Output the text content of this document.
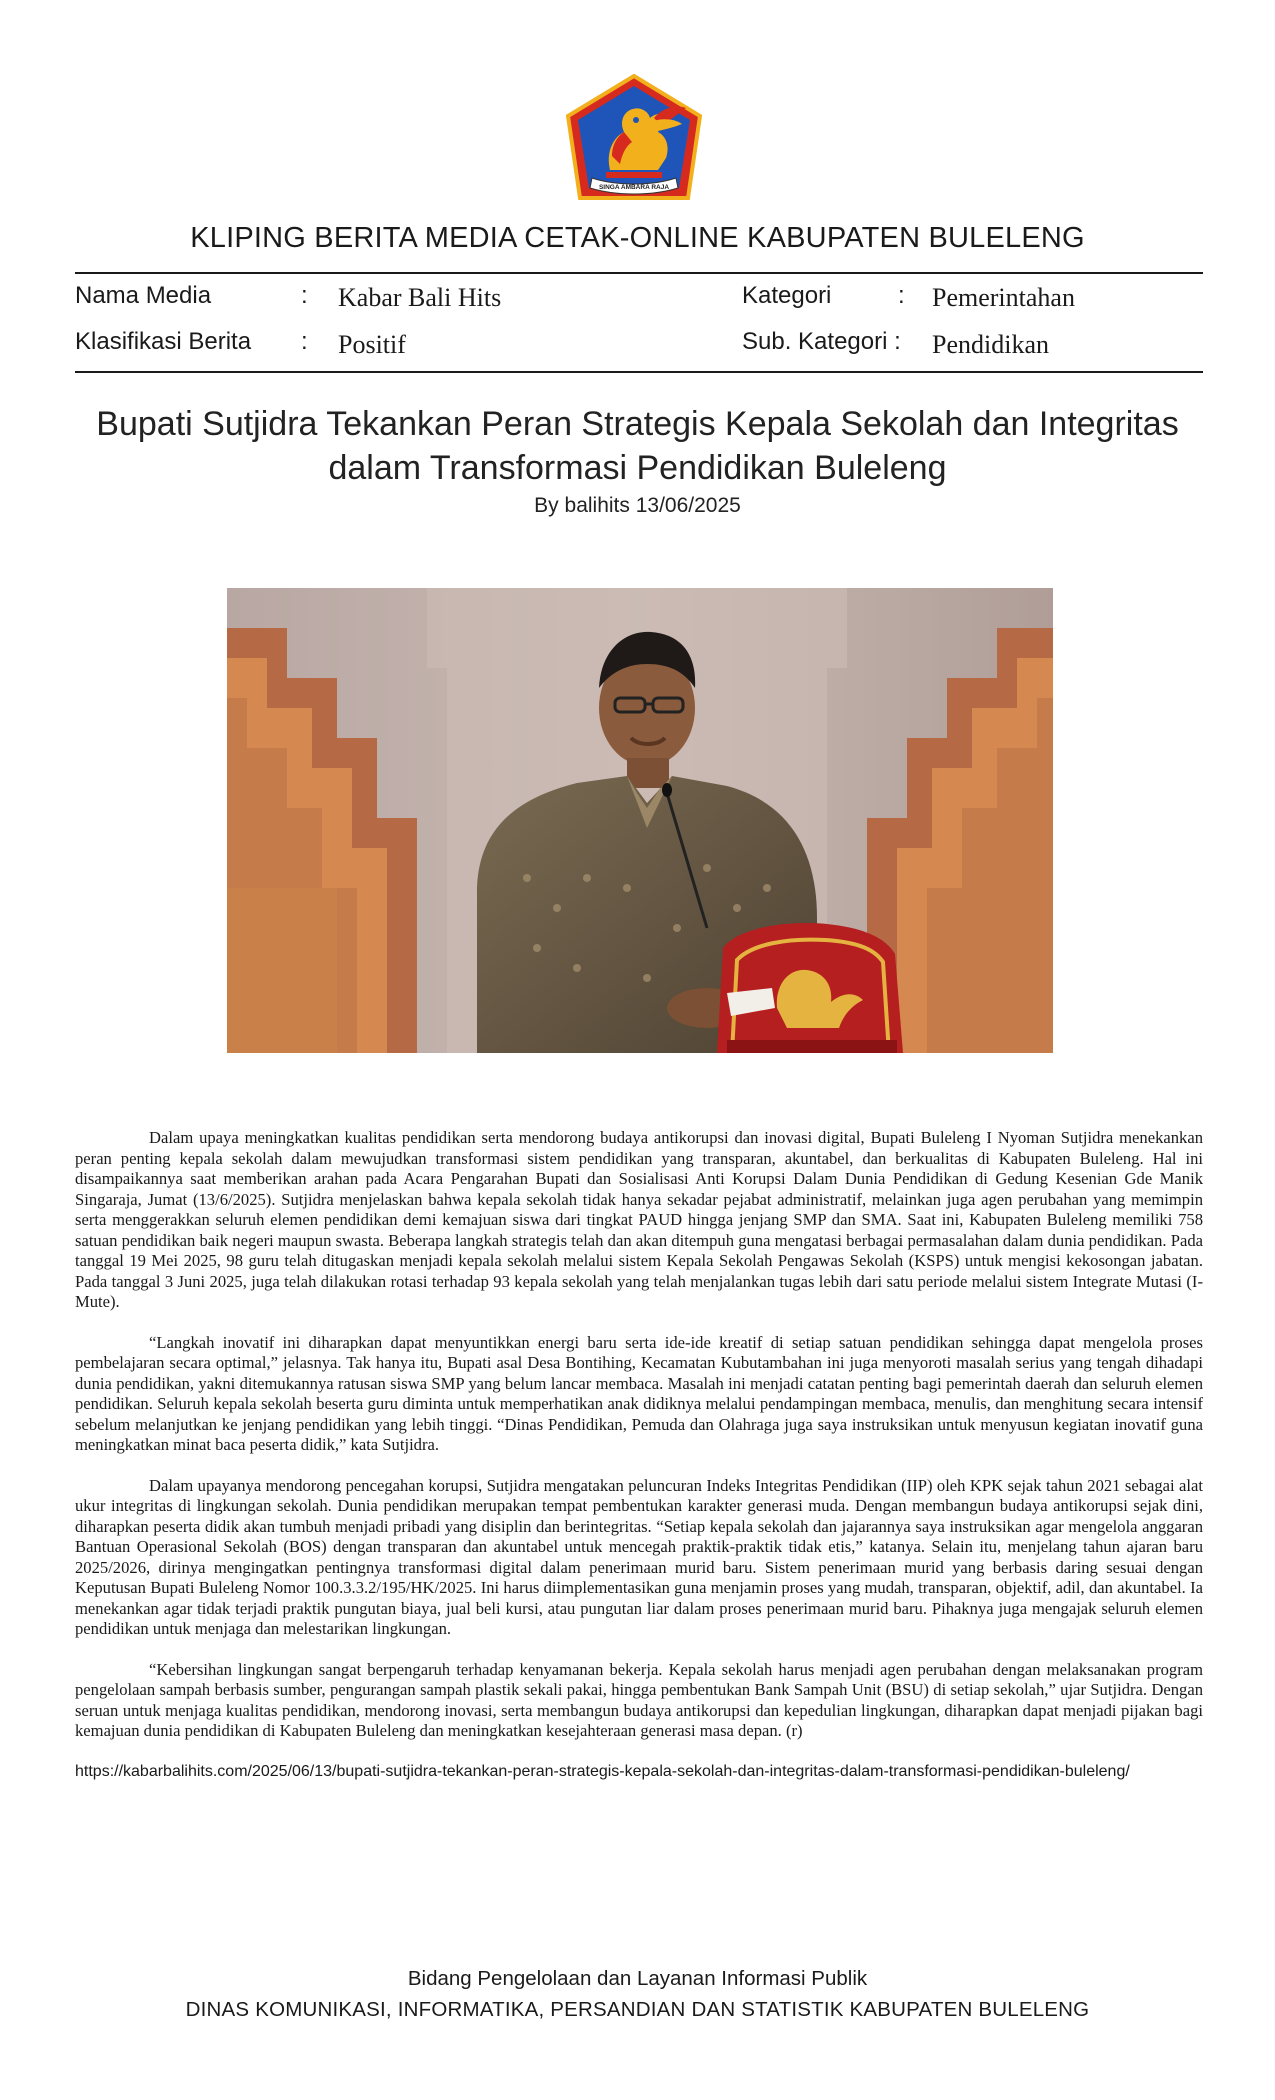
SINGA AMBARA RAJA
KLIPING BERITA MEDIA CETAK-ONLINE KABUPATEN BULELENG
Nama Media	: Kabar Bali Hits
Klasifikasi Berita : Positif
Kategori	: Pemerintahan
Sub. Kategori : Pendidikan
Bupati Sutjidra Tekankan Peran Strategis Kepala Sekolah dan Integritas
dalam Transformasi Pendidikan Buleleng
By balihits 13/06/2025

Dalam upaya meningkatkan kualitas pendidikan serta mendorong budaya antikorupsi dan inovasi digital, Bupati Buleleng I Nyoman Sutjidra menekankan peran penting kepala sekolah dalam mewujudkan transformasi sistem pendidikan yang transparan, akuntabel, dan berkualitas di Kabupaten Buleleng. Hal ini disampaikannya saat memberikan arahan pada Acara Pengarahan Bupati dan Sosialisasi Anti Korupsi Dalam Dunia Pendidikan di Gedung Kesenian Gde Manik Singaraja, Jumat (13/6/2025). Sutjidra menjelaskan bahwa kepala sekolah tidak hanya sekadar pejabat administratif, melainkan juga agen perubahan yang memimpin serta menggerakkan seluruh elemen pendidikan demi kemajuan siswa dari tingkat PAUD hingga jenjang SMP dan SMA. Saat ini, Kabupaten Buleleng memiliki 758 satuan pendidikan baik negeri maupun swasta. Beberapa langkah strategis telah dan akan ditempuh guna mengatasi berbagai permasalahan dalam dunia pendidikan. Pada tanggal 19 Mei 2025, 98 guru telah ditugaskan menjadi kepala sekolah melalui sistem Kepala Sekolah Pengawas Sekolah (KSPS) untuk mengisi kekosongan jabatan. Pada tanggal 3 Juni 2025, juga telah dilakukan rotasi terhadap 93 kepala sekolah yang telah menjalankan tugas lebih dari satu periode melalui sistem Integrate Mutasi (I-Mute).

“Langkah inovatif ini diharapkan dapat menyuntikkan energi baru serta ide-ide kreatif di setiap satuan pendidikan sehingga dapat mengelola proses pembelajaran secara optimal,” jelasnya. Tak hanya itu, Bupati asal Desa Bontihing, Kecamatan Kubutambahan ini juga menyoroti masalah serius yang tengah dihadapi dunia pendidikan, yakni ditemukannya ratusan siswa SMP yang belum lancar membaca. Masalah ini menjadi catatan penting bagi pemerintah daerah dan seluruh elemen pendidikan. Seluruh kepala sekolah beserta guru diminta untuk memperhatikan anak didiknya melalui pendampingan membaca, menulis, dan menghitung secara intensif sebelum melanjutkan ke jenjang pendidikan yang lebih tinggi. “Dinas Pendidikan, Pemuda dan Olahraga juga saya instruksikan untuk menyusun kegiatan inovatif guna meningkatkan minat baca peserta didik,” kata Sutjidra.

Dalam upayanya mendorong pencegahan korupsi, Sutjidra mengatakan peluncuran Indeks Integritas Pendidikan (IIP) oleh KPK sejak tahun 2021 sebagai alat ukur integritas di lingkungan sekolah. Dunia pendidikan merupakan tempat pembentukan karakter generasi muda. Dengan membangun budaya antikorupsi sejak dini, diharapkan peserta didik akan tumbuh menjadi pribadi yang disiplin dan berintegritas. “Setiap kepala sekolah dan jajarannya saya instruksikan agar mengelola anggaran Bantuan Operasional Sekolah (BOS) dengan transparan dan akuntabel untuk mencegah praktik-praktik tidak etis,” katanya. Selain itu, menjelang tahun ajaran baru 2025/2026, dirinya mengingatkan pentingnya transformasi digital dalam penerimaan murid baru. Sistem penerimaan murid yang berbasis daring sesuai dengan Keputusan Bupati Buleleng Nomor 100.3.3.2/195/HK/2025. Ini harus diimplementasikan guna menjamin proses yang mudah, transparan, objektif, adil, dan akuntabel. Ia menekankan agar tidak terjadi praktik pungutan biaya, jual beli kursi, atau pungutan liar dalam proses penerimaan murid baru. Pihaknya juga mengajak seluruh elemen pendidikan untuk menjaga dan melestarikan lingkungan.

“Kebersihan lingkungan sangat berpengaruh terhadap kenyamanan bekerja. Kepala sekolah harus menjadi agen perubahan dengan melaksanakan program pengelolaan sampah berbasis sumber, pengurangan sampah plastik sekali pakai, hingga pembentukan Bank Sampah Unit (BSU) di setiap sekolah,” ujar Sutjidra. Dengan seruan untuk menjaga kualitas pendidikan, mendorong inovasi, serta membangun budaya antikorupsi dan kepedulian lingkungan, diharapkan dapat menjadi pijakan bagi kemajuan dunia pendidikan di Kabupaten Buleleng dan meningkatkan kesejahteraan generasi masa depan. (r)

https://kabarbalihits.com/2025/06/13/bupati-sutjidra-tekankan-peran-strategis-kepala-sekolah-dan-integritas-dalam-transformasi-pendidikan-buleleng/

Bidang Pengelolaan dan Layanan Informasi Publik
DINAS KOMUNIKASI, INFORMATIKA, PERSANDIAN DAN STATISTIK KABUPATEN BULELENG
